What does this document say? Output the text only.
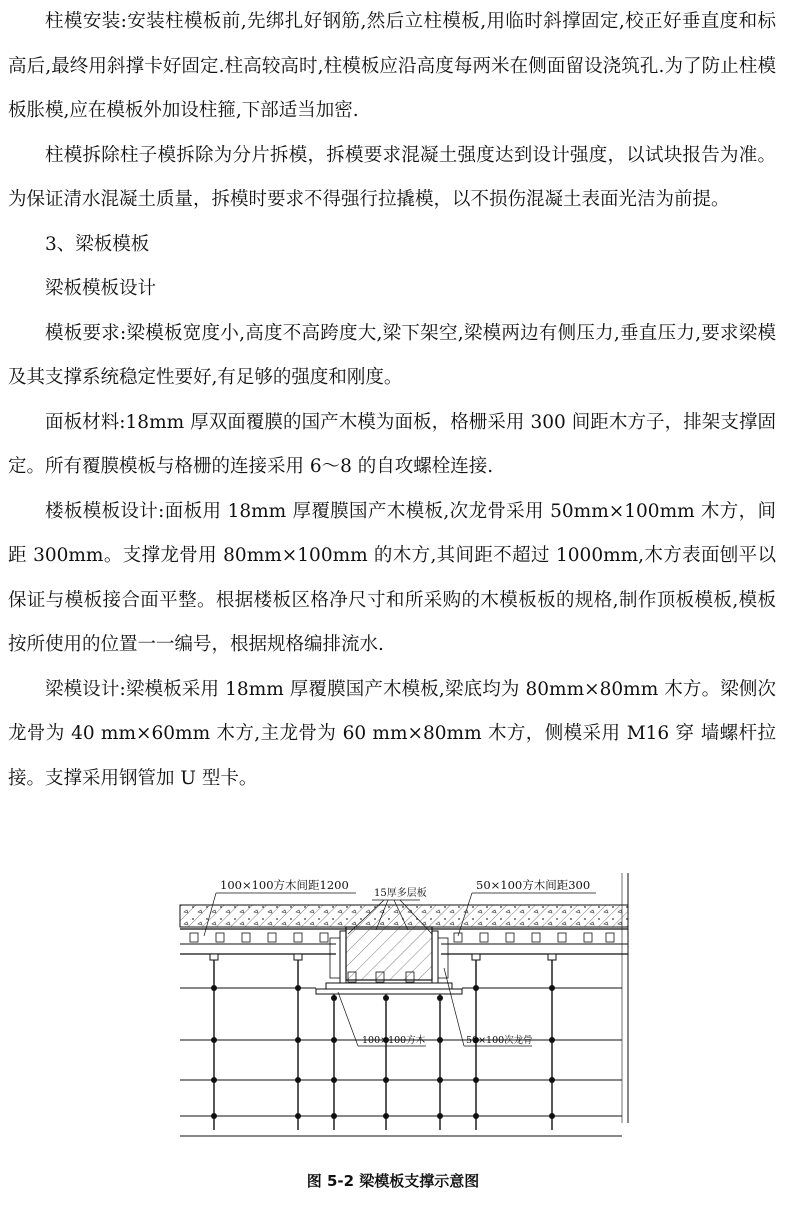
柱模安装:安装柱模板前,先绑扎好钢筋,然后立柱模板,用临时斜撑固定,校正好垂直度和标高后,最终用斜撑卡好固定.柱高较高时,柱模板应沿高度每两米在侧面留设浇筑孔.为了防止柱模板胀模,应在模板外加设柱箍,下部适当加密.

柱模拆除柱子模拆除为分片拆模，拆模要求混凝土强度达到设计强度，以试块报告为准。为保证清水混凝土质量，拆模时要求不得强行拉撬模，以不损伤混凝土表面光洁为前提。

3、梁板模板

梁板模板设计

模板要求:梁模板宽度小,高度不高跨度大,梁下架空,梁模两边有侧压力,垂直压力,要求梁模及其支撑系统稳定性要好,有足够的强度和刚度。

面板材料:18mm 厚双面覆膜的国产木模为面板，格栅采用 300 间距木方子，排架支撑固定。所有覆膜模板与格栅的连接采用 6～8 的自攻螺栓连接.

楼板模板设计:面板用 18mm 厚覆膜国产木模板,次龙骨采用 50mm×100mm 木方，间距 300mm。支撑龙骨用 80mm×100mm 的木方,其间距不超过 1000mm,木方表面刨平以保证与模板接合面平整。根据楼板区格净尺寸和所采购的木模板板的规格,制作顶板模板,模板按所使用的位置一一编号，根据规格编排流水.

梁模设计:梁模板采用 18mm 厚覆膜国产木模板,梁底均为 80mm×80mm 木方。梁侧次龙骨为 40 mm×60mm 木方,主龙骨为 60 mm×80mm 木方，侧模采用 M16 穿 墙螺杆拉接。支撑采用钢管加 U 型卡。

100×100方木间距1200
15厚多层板
50×100方木间距300
100×100方木	50×100次龙骨
图 5-2 梁模板支撑示意图
